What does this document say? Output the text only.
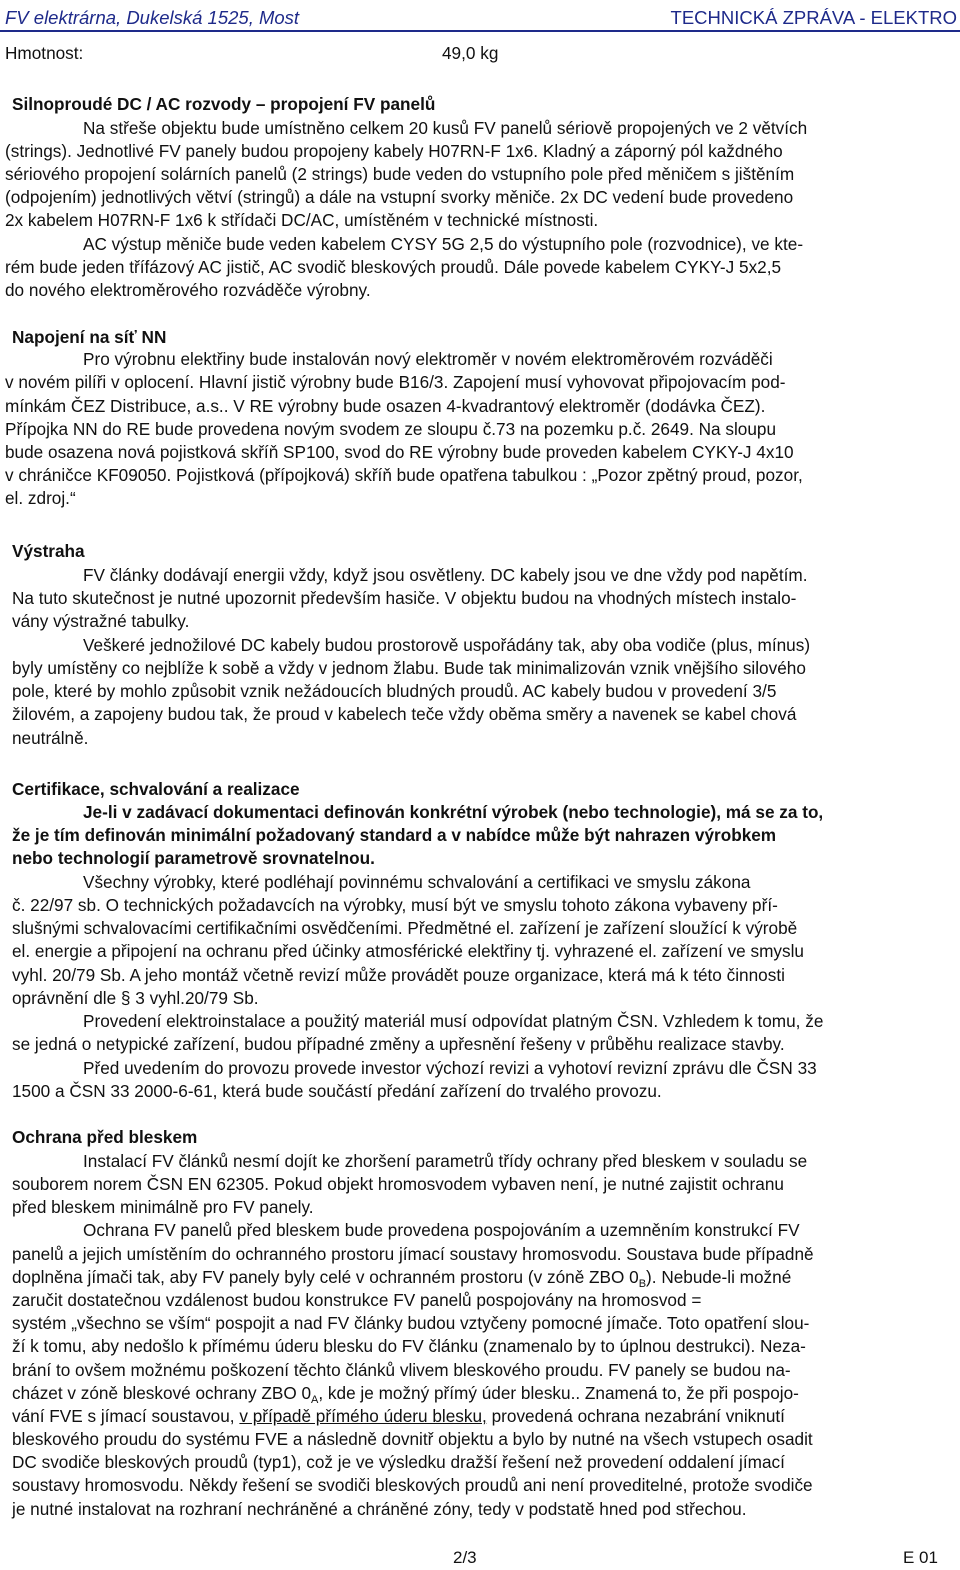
FV elektrárna, Dukelská 1525, Most	TECHNICKÁ ZPRÁVA - ELEKTRO
Hmotnost:	49,0 kg
Silnoproudé DC / AC rozvody – propojení FV panelů
Na střeše objektu bude umístněno celkem 20 kusů FV panelů sériově propojených ve 2 větvích
(strings). Jednotlivé FV panely budou propojeny kabely H07RN-F 1x6. Kladný a záporný pól každného
sériového propojení solárních panelů (2 strings) bude veden do vstupního pole před měničem s jištěním
(odpojením) jednotlivých větví (stringů) a dále na vstupní svorky měniče. 2x DC vedení bude provedeno
2x kabelem H07RN-F 1x6 k střídači DC/AC, umístěném v technické místnosti.
AC výstup měniče bude veden kabelem CYSY 5G 2,5 do výstupního pole (rozvodnice), ve kte-
rém bude jeden třífázový AC jistič, AC svodič bleskových proudů. Dále povede kabelem CYKY-J 5x2,5
do nového elektroměrového rozváděče výrobny.
Napojení na síť NN
Pro výrobnu elektřiny bude instalován nový elektroměr v novém elektroměrovém rozváděči
v novém pilíři v oplocení. Hlavní jistič výrobny bude B16/3. Zapojení musí vyhovovat připojovacím pod-
mínkám ČEZ Distribuce, a.s.. V RE výrobny bude osazen 4-kvadrantový elektroměr (dodávka ČEZ).
Přípojka NN do RE bude provedena novým svodem ze sloupu č.73 na pozemku p.č. 2649. Na sloupu
bude osazena nová pojistková skříň SP100, svod do RE výrobny bude proveden kabelem CYKY-J 4x10
v chráničce KF09050. Pojistková (přípojková) skříň bude opatřena tabulkou : „Pozor zpětný proud, pozor,
el. zdroj.“
Výstraha
FV články dodávají energii vždy, když jsou osvětleny. DC kabely jsou ve dne vždy pod napětím.
Na tuto skutečnost je nutné upozornit především hasiče. V objektu budou na vhodných místech instalo-
vány výstražné tabulky.
Veškeré jednožilové DC kabely budou prostorově uspořádány tak, aby oba vodiče (plus, mínus)
byly umístěny co nejblíže k sobě a vždy v jednom žlabu. Bude tak minimalizován vznik vnějšího silového
pole, které by mohlo způsobit vznik nežádoucích bludných proudů. AC kabely budou v provedení 3/5
žilovém, a zapojeny budou tak, že proud v kabelech teče vždy oběma směry a navenek se kabel chová
neutrálně.
Certifikace, schvalování a realizace
Je-li v zadávací dokumentaci definován konkrétní výrobek (nebo technologie), má se za to,
že je tím definován minimální požadovaný standard a v nabídce může být nahrazen výrobkem
nebo technologií parametrově srovnatelnou.
Všechny výrobky, které podléhají povinnému schvalování a certifikaci ve smyslu zákona
č. 22/97 sb. O technických požadavcích na výrobky, musí být ve smyslu tohoto zákona vybaveny pří-
slušnými schvalovacími certifikačními osvědčeními. Předmětné el. zařízení je zařízení sloužící k výrobě
el. energie a připojení na ochranu před účinky atmosférické elektřiny tj. vyhrazené el. zařízení ve smyslu
vyhl. 20/79 Sb. A jeho montáž včetně revizí může provádět pouze organizace, která má k této činnosti
oprávnění dle § 3 vyhl.20/79 Sb.
Provedení elektroinstalace a použitý materiál musí odpovídat platným ČSN. Vzhledem k tomu, že
se jedná o netypické zařízení, budou případné změny a upřesnění řešeny v průběhu realizace stavby.
Před uvedením do provozu provede investor výchozí revizi a vyhotoví revizní zprávu dle ČSN 33
1500 a ČSN 33 2000-6-61, která bude součástí předání zařízení do trvalého provozu.
Ochrana před bleskem
Instalací FV článků nesmí dojít ke zhoršení parametrů třídy ochrany před bleskem v souladu se
souborem norem ČSN EN 62305. Pokud objekt hromosvodem vybaven není, je nutné zajistit ochranu
před bleskem minimálně pro FV panely.
Ochrana FV panelů před bleskem bude provedena pospojováním a uzemněním konstrukcí FV
panelů a jejich umístěním do ochranného prostoru jímací soustavy hromosvodu. Soustava bude případně
doplněna jímači tak, aby FV panely byly celé v ochranném prostoru (v zóně ZBO $0_B$). Nebude-li možné
zaručit dostatečnou vzdálenost budou konstrukce FV panelů pospojovány na hromosvod =
systém „všechno se vším“ pospojit a nad FV články budou vztyčeny pomocné jímače. Toto opatření slou-
ží k tomu, aby nedošlo k přímému úderu blesku do FV článku (znamenalo by to úplnou destrukci). Neza-
brání to ovšem možnému poškození těchto článků vlivem bleskového proudu. FV panely se budou na-
cházet v zóně bleskové ochrany ZBO $0_A$, kde je možný přímý úder blesku.. Znamená to, že při pospojo-
vání FVE s jímací soustavou, v případě přímého úderu blesku, provedená ochrana nezabrání vniknutí
bleskového proudu do systému FVE a následně dovnitř objektu a bylo by nutné na všech vstupech osadit
DC svodiče bleskových proudů (typ1), což je ve výsledku dražší řešení než provedení oddalení jímací
soustavy hromosvodu. Někdy řešení se svodiči bleskových proudů ani není proveditelné, protože svodiče
je nutné instalovat na rozhraní nechráněné a chráněné zóny, tedy v podstatě hned pod střechou.
2/3	E 01
